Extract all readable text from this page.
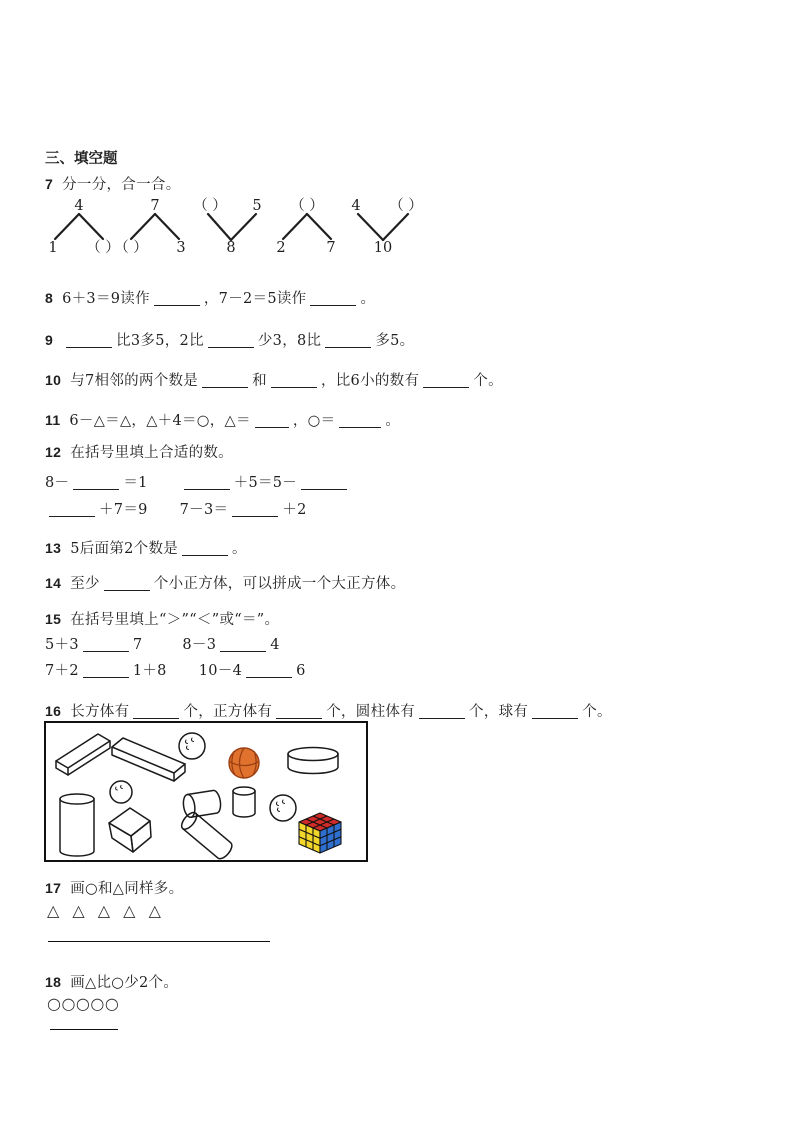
三、填空题
7 分一分，合一合。
4
1 （ ）
7
（ ） 3
（ ） 5
8
（ ）
2	7
4 （ ）
10
8 6＋3＝9读作	，7－2＝5读作	。
9	比3多5，2比	少3，8比	多5。
10 与7相邻的两个数是	和	，比6小的数有	个。
11 6－△＝△，△＋4＝○，△＝	，○＝	。
12 在括号里填上合适的数。
8－	＝1	＋5＝5－
＋7＝9 7－3＝	＋2
13 5后面第2个数是	。
14 至少	个小正方体，可以拼成一个大正方体。
15 在括号里填上“＞”“＜”或“＝”。
5＋3	7	8－3	4
7＋2	1＋8 10－4	6
16 长方体有	个，正方体有	个，圆柱体有	个，球有	个。
17 画○和△同样多。
△ △ △ △ △
18 画△比○少2个。
○○○○○
